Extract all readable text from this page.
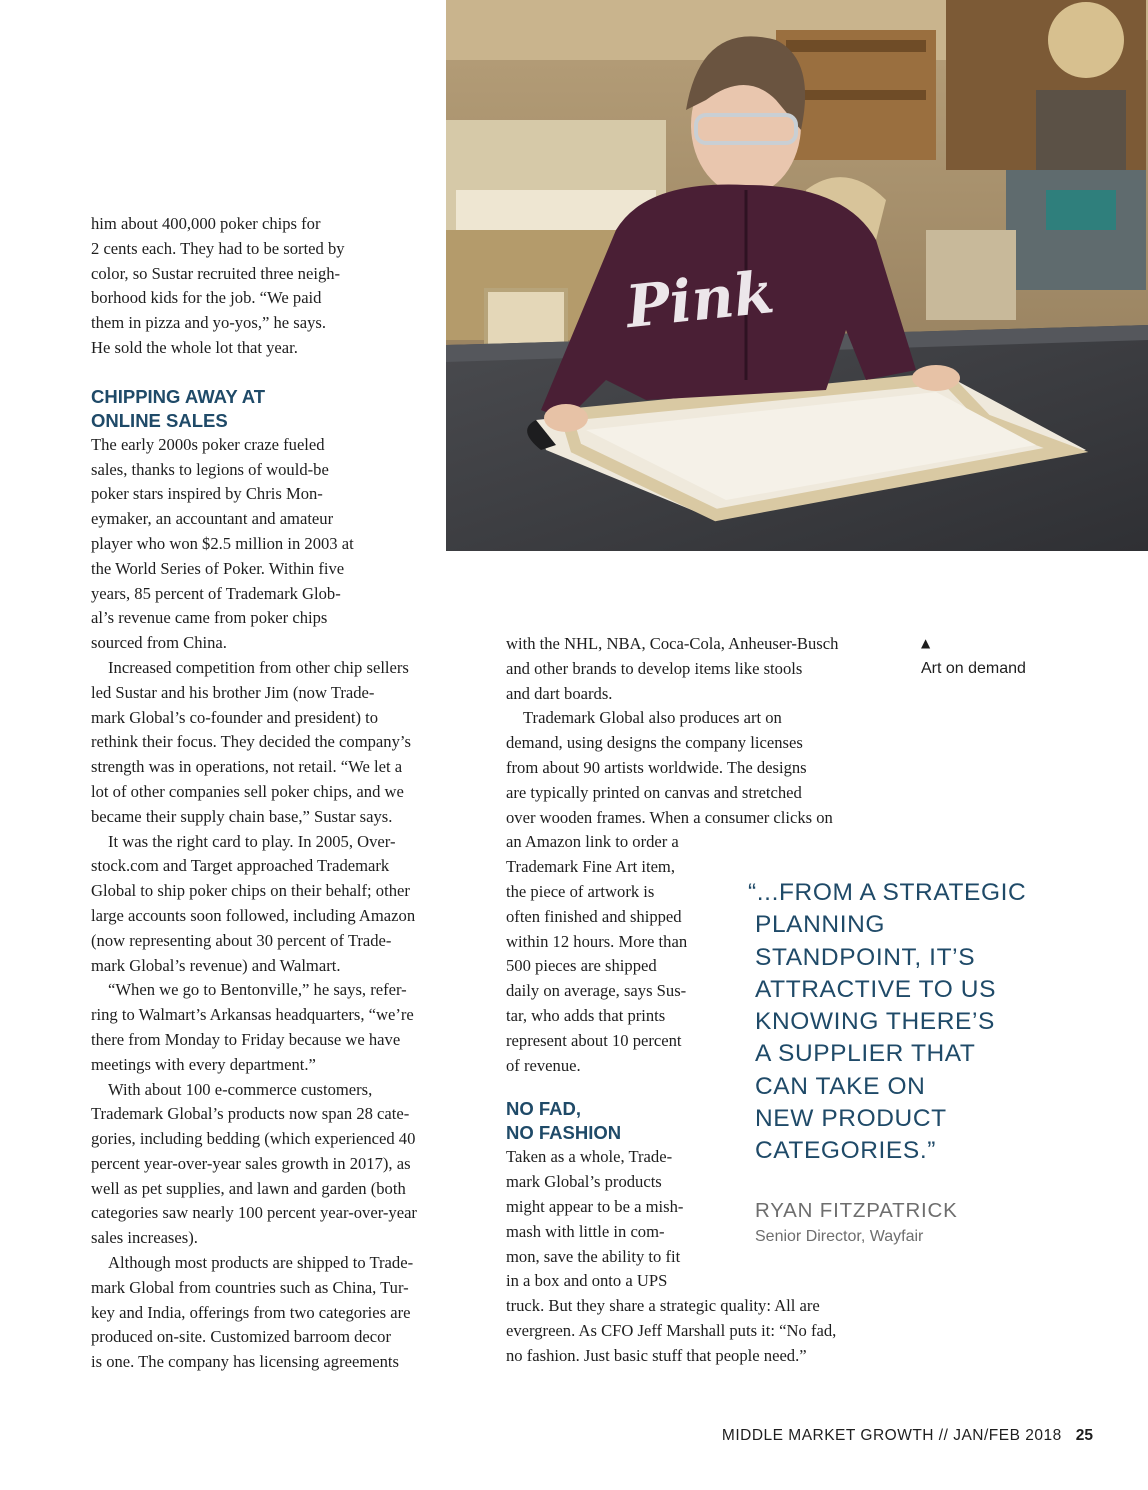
Pink
him about 400,000 poker chips for
2 cents each. They had to be sorted by
color, so Sustar recruited three neigh-
borhood kids for the job. “We paid
them in pizza and yo-yos,” he says.
He sold the whole lot that year.
CHIPPING AWAY AT
ONLINE SALES
The early 2000s poker craze fueled
sales, thanks to legions of would-be
poker stars inspired by Chris Mon-
eymaker, an accountant and amateur
player who won $2.5 million in 2003 at
the World Series of Poker. Within five
years, 85 percent of Trademark Glob-
al’s revenue came from poker chips
sourced from China.
Increased competition from other chip sellers
led Sustar and his brother Jim (now Trade-
mark Global’s co-founder and president) to
rethink their focus. They decided the company’s
strength was in operations, not retail. “We let a
lot of other companies sell poker chips, and we
became their supply chain base,” Sustar says.
It was the right card to play. In 2005, Over-
stock.com and Target approached Trademark
Global to ship poker chips on their behalf; other
large accounts soon followed, including Amazon
(now representing about 30 percent of Trade-
mark Global’s revenue) and Walmart.
“When we go to Bentonville,” he says, refer-
ring to Walmart’s Arkansas headquarters, “we’re
there from Monday to Friday because we have
meetings with every department.”
With about 100 e-commerce customers,
Trademark Global’s products now span 28 cate-
gories, including bedding (which experienced 40
percent year-over-year sales growth in 2017), as
well as pet supplies, and lawn and garden (both
categories saw nearly 100 percent year-over-year
sales increases).
Although most products are shipped to Trade-
mark Global from countries such as China, Tur-
key and India, offerings from two categories are
produced on-site. Customized barroom decor
is one. The company has licensing agreements
with the NHL, NBA, Coca-Cola, Anheuser-Busch
and other brands to develop items like stools
and dart boards.
Trademark Global also produces art on
demand, using designs the company licenses
from about 90 artists worldwide. The designs
are typically printed on canvas and stretched
over wooden frames. When a consumer clicks on
an Amazon link to order a
Trademark Fine Art item,
the piece of artwork is
often finished and shipped
within 12 hours. More than
500 pieces are shipped
daily on average, says Sus-
tar, who adds that prints
represent about 10 percent
of revenue.
NO FAD,
NO FASHION
Taken as a whole, Trade-
mark Global’s products
might appear to be a mish-
mash with little in com-
mon, save the ability to fit
in a box and onto a UPS
truck. But they share a strategic quality: All are
evergreen. As CFO Jeff Marshall puts it: “No fad,
no fashion. Just basic stuff that people need.”
▲
Art on demand
“...FROM A STRATEGIC
PLANNING
STANDPOINT, IT’S
ATTRACTIVE TO US
KNOWING THERE’S
A SUPPLIER THAT
CAN TAKE ON
NEW PRODUCT
CATEGORIES.”
RYAN FITZPATRICK
Senior Director, Wayfair
MIDDLE MARKET GROWTH // JAN/FEB 2018 25
